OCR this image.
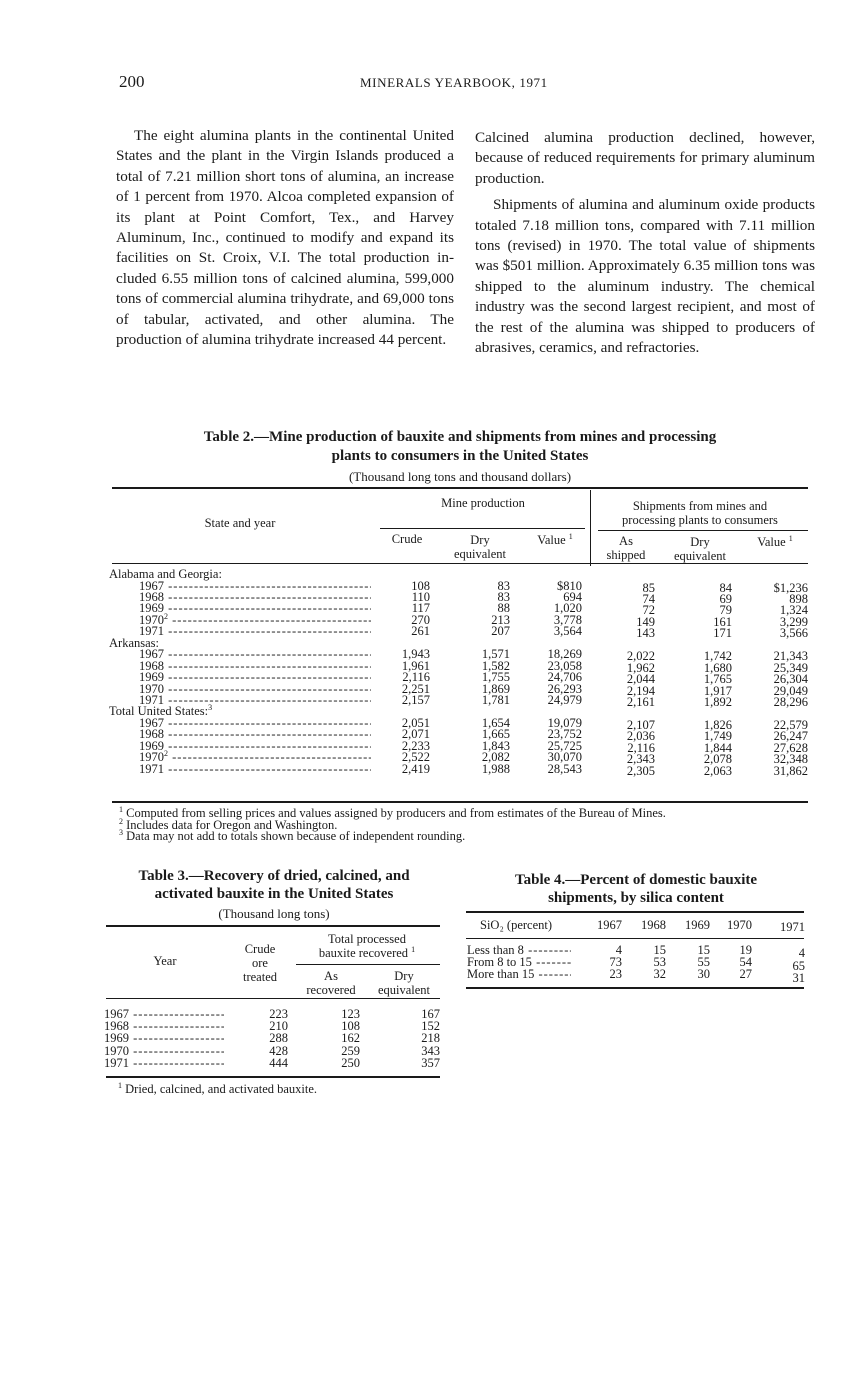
200	MINERALS YEARBOOK, 1971

The eight alumina plants in the continental United States and the plant in the Virgin Islands produced a total of 7.21 million short tons of alumina, an increase of 1 percent from 1970. Alcoa completed expansion of its plant at Point Comfort, Tex., and Harvey Aluminum, Inc., continued to modify and expand its facilities on St. Croix, V.I. The total production included 6.55 million tons of calcined alumina, 599,000 tons of commercial alumina trihydrate, and 69,000 tons of tabular, activated, and other alumina. The production of alumina trihydrate increased 44 percent.

Calcined alumina production declined, however, because of reduced requirements for primary aluminum production.

Shipments of alumina and aluminum oxide products totaled 7.18 million tons, compared with 7.11 million tons (revised) in 1970. The total value of shipments was $501 million. Approximately 6.35 million tons was shipped to the aluminum industry. The chemical industry was the second largest recipient, and most of the rest of the alumina was shipped to producers of abrasives, ceramics, and refractories.

Table 2.—Mine production of bauxite and shipments from mines and processing
plants to consumers in the United States
(Thousand long tons and thousand dollars)
State and year
Mine production	Shipments from mines and
processing plants to consumers
Crude	Dry
equivalent
Value $^1$	As
shipped
Dry
equivalent
Value $^1$
Alabama and Georgia:
1967 -----	108	83	$810	85	84	$1,236
1968 -----	110	83	694	74	69	898
1969 -----	117	88	1,020	72	79	1,324
1970$^2$ -----	270	213	3,778	149	161	3,299
1971 -----	261	207	3,564	143	171	3,566
Arkansas:
1967 -----	1,943	1,571	18,269	2,022	1,742	21,343
1968 -----	1,961	1,582	23,058	1,962	1,680	25,349
1969 -----	2,116	1,755	24,706	2,044	1,765	26,304
1970 -----	2,251	1,869	26,293	2,194	1,917	29,049
1971 -----	2,157	1,781	24,979	2,161	1,892	28,296
Total United States:$^3$
1967 -----	2,051	1,654	19,079	2,107	1,826	22,579
1968 -----	2,071	1,665	23,752	2,036	1,749	26,247
1969 -----	2,233	1,843	25,725	2,116	1,844	27,628
1970$^2$ -----	2,522	2,082	30,070	2,343	2,078	32,348
1971 -----	2,419	1,988	28,543	2,305	2,063	31,862
$^1$ Computed from selling prices and values assigned by producers and from estimates of the Bureau of Mines.
$^2$ Includes data for Oregon and Washington.
$^3$ Data may not add to totals shown because of independent rounding.
Table 3.—Recovery of dried, calcined, and
activated bauxite in the United States
(Thousand long tons)
Year
Crude
ore
treated
Total processed
bauxite recovered $^1$
As
recovered
Dry
equivalent
1967 -----	223	123	167
1968 -----	210	108	152
1969 -----	288	162	218
1970 -----	428	259	343
1971 -----	444	250	357
$^1$ Dried, calcined, and activated bauxite.
Table 4.—Percent of domestic bauxite
shipments, by silica content
SiO₂ (percent)	1967	1968	1969	1970	1971
Less than 8 -----	4	15	15	19	4
From 8 to 15 -----	73	53	55	54	65
More than 15 -----	23	32	30	27	31
